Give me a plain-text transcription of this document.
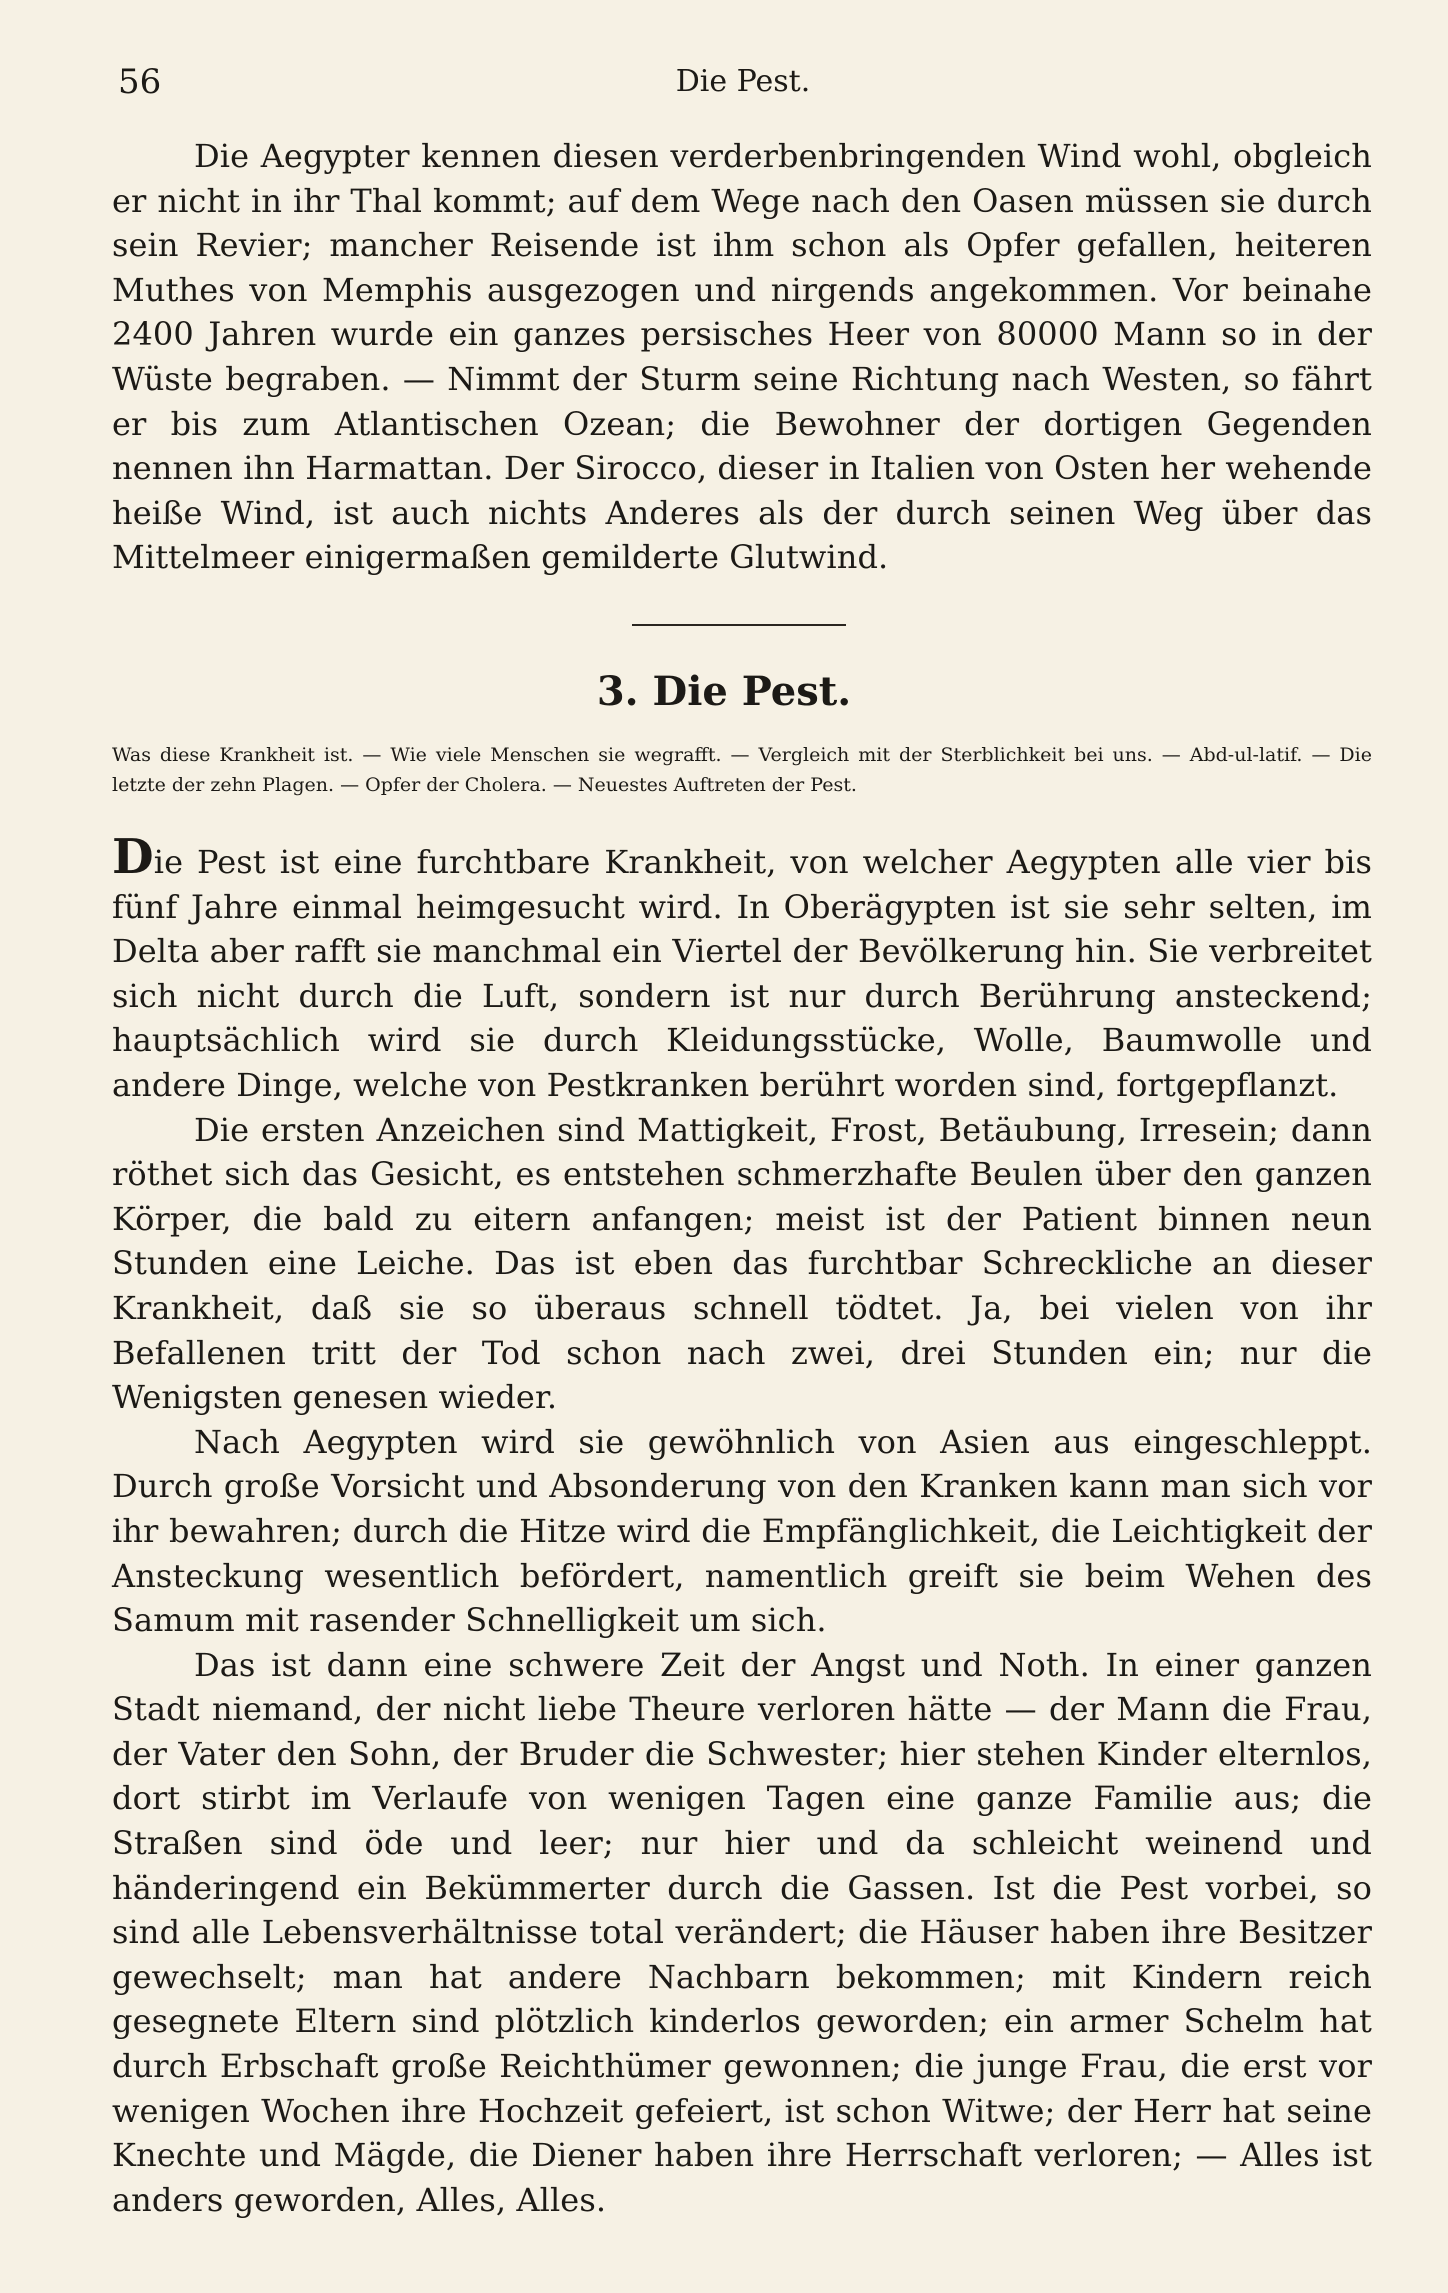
56	Die Pest.

Die Aegypter kennen diesen verderbenbringenden Wind wohl, obgleich er nicht in ihr Thal kommt; auf dem Wege nach den Oasen müssen sie durch sein Revier; mancher Reisende ist ihm schon als Opfer gefallen, heiteren Muthes von Memphis ausgezogen und nirgends angekommen. Vor beinahe 2400 Jahren wurde ein ganzes persisches Heer von 80000 Mann so in der Wüste begraben. — Nimmt der Sturm seine Richtung nach Westen, so fährt er bis zum Atlantischen Ozean; die Bewohner der dortigen Gegenden nennen ihn Harmattan. Der Sirocco, dieser in Italien von Osten her wehende heiße Wind, ist auch nichts Anderes als der durch seinen Weg über das Mittelmeer einigermaßen gemilderte Glutwind.

3. Die Pest.
Was diese Krankheit ist. — Wie viele Menschen sie wegrafft. — Vergleich mit der Sterblichkeit bei uns. — Abd-ul-latif. — Die letzte der zehn Plagen. — Opfer der Cholera. — Neuestes Auftreten der Pest.

Die Pest ist eine furchtbare Krankheit, von welcher Aegypten alle vier bis fünf Jahre einmal heimgesucht wird. In Oberägypten ist sie sehr selten, im Delta aber rafft sie manchmal ein Viertel der Bevölkerung hin. Sie verbreitet sich nicht durch die Luft, sondern ist nur durch Berührung ansteckend; hauptsächlich wird sie durch Kleidungsstücke, Wolle, Baumwolle und andere Dinge, welche von Pestkranken berührt worden sind, fortgepflanzt.

Die ersten Anzeichen sind Mattigkeit, Frost, Betäubung, Irresein; dann röthet sich das Gesicht, es entstehen schmerzhafte Beulen über den ganzen Körper, die bald zu eitern anfangen; meist ist der Patient binnen neun Stunden eine Leiche. Das ist eben das furchtbar Schreckliche an dieser Krankheit, daß sie so überaus schnell tödtet. Ja, bei vielen von ihr Befallenen tritt der Tod schon nach zwei, drei Stunden ein; nur die Wenigsten genesen wieder.

Nach Aegypten wird sie gewöhnlich von Asien aus eingeschleppt. Durch große Vorsicht und Absonderung von den Kranken kann man sich vor ihr bewahren; durch die Hitze wird die Empfänglichkeit, die Leichtigkeit der Ansteckung wesentlich befördert, namentlich greift sie beim Wehen des Samum mit rasender Schnelligkeit um sich.

Das ist dann eine schwere Zeit der Angst und Noth. In einer ganzen Stadt niemand, der nicht liebe Theure verloren hätte — der Mann die Frau, der Vater den Sohn, der Bruder die Schwester; hier stehen Kinder elternlos, dort stirbt im Verlaufe von wenigen Tagen eine ganze Familie aus; die Straßen sind öde und leer; nur hier und da schleicht weinend und händeringend ein Bekümmerter durch die Gassen. Ist die Pest vorbei, so sind alle Lebensverhältnisse total verändert; die Häuser haben ihre Besitzer gewechselt; man hat andere Nachbarn bekommen; mit Kindern reich gesegnete Eltern sind plötzlich kinderlos geworden; ein armer Schelm hat durch Erbschaft große Reichthümer gewonnen; die junge Frau, die erst vor wenigen Wochen ihre Hochzeit gefeiert, ist schon Witwe; der Herr hat seine Knechte und Mägde, die Diener haben ihre Herrschaft verloren; — Alles ist anders geworden, Alles, Alles.
